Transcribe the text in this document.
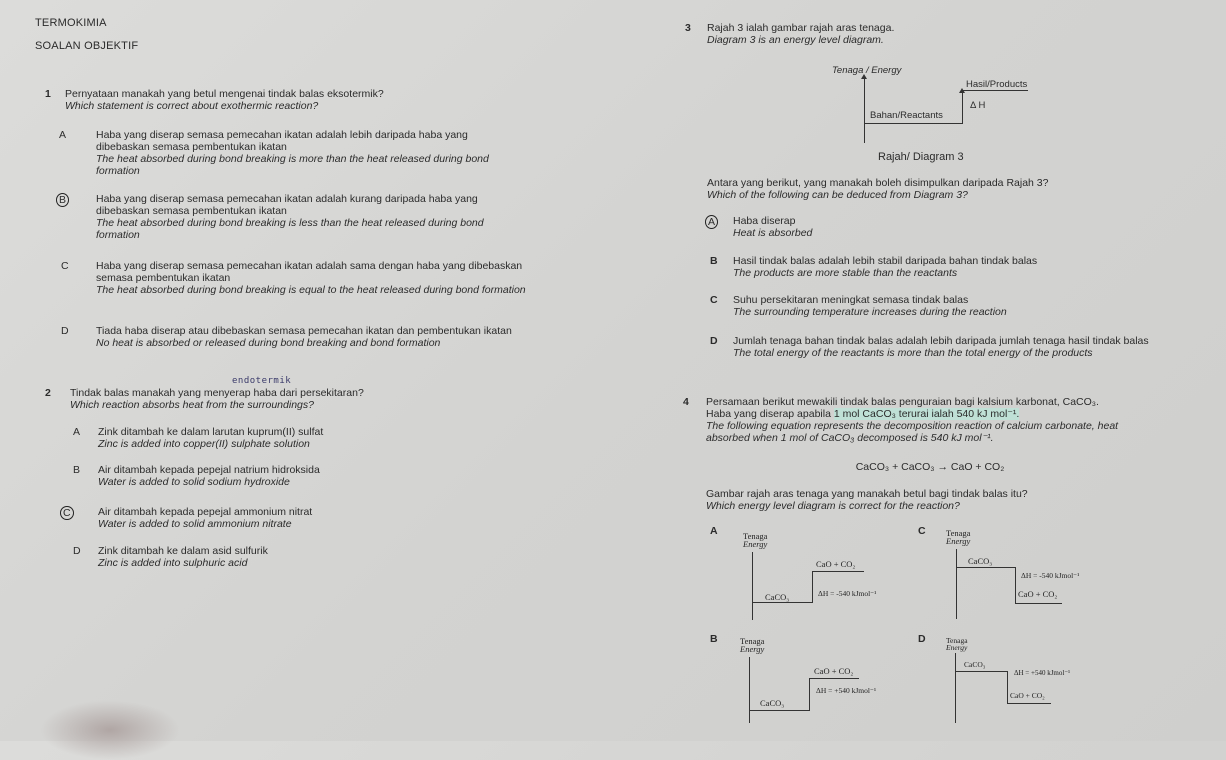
TERMOKIMIA
SOALAN OBJEKTIF
1 Pernyataan manakah yang betul mengenai tindak balas eksotermik?
Which statement is correct about exothermic reaction?
A	Haba yang diserap semasa pemecahan ikatan adalah lebih daripada haba yang dibebaskan semasa pembentukan ikatan
The heat absorbed during bond breaking is more than the heat released during bond formation
B	Haba yang diserap semasa pemecahan ikatan adalah kurang daripada haba yang dibebaskan semasa pembentukan ikatan
The heat absorbed during bond breaking is less than the heat released during bond formation
C	Haba yang diserap semasa pemecahan ikatan adalah sama dengan haba yang dibebaskan semasa pembentukan ikatan
The heat absorbed during bond breaking is equal to the heat released during bond formation
D	Tiada haba diserap atau dibebaskan semasa pemecahan ikatan dan pembentukan ikatan
No heat is absorbed or released during bond breaking and bond formation
endotermik
2 Tindak balas manakah yang menyerap haba dari persekitaran?
Which reaction absorbs heat from the surroundings?
A Zink ditambah ke dalam larutan kuprum(II) sulfat
Zinc is added into copper(II) sulphate solution
B Air ditambah kepada pepejal natrium hidroksida
Water is added to solid sodium hydroxide
C	Air ditambah kepada pepejal ammonium nitrat
Water is added to solid ammonium nitrate
D Zink ditambah ke dalam asid sulfurik
Zinc is added into sulphuric acid
3 Rajah 3 ialah gambar rajah aras tenaga.
Diagram 3 is an energy level diagram.
Tenaga / Energy
Bahan/Reactants
Δ H
Hasil/Products
Rajah/ Diagram 3
Antara yang berikut, yang manakah boleh disimpulkan daripada Rajah 3?
Which of the following can be deduced from Diagram 3?
A Haba diserap
Heat is absorbed
B Hasil tindak balas adalah lebih stabil daripada bahan tindak balas
The products are more stable than the reactants
C Suhu persekitaran meningkat semasa tindak balas
The surrounding temperature increases during the reaction
D Jumlah tenaga bahan tindak balas adalah lebih daripada jumlah tenaga hasil tindak balas
The total energy of the reactants is more than the total energy of the products
4 Persamaan berikut mewakili tindak balas penguraian bagi kalsium karbonat, CaCO₃.
Haba yang diserap apabila 1 mol CaCO₃ terurai ialah 540 kJ mol⁻¹.
The following equation represents the decomposition reaction of calcium carbonate, heat absorbed when 1 mol of CaCO₃ decomposed is 540 kJ mol⁻¹.
CaCO₃ + CaCO₃ → CaO + CO₂
Gambar rajah aras tenaga yang manakah betul bagi tindak balas itu?
Which energy level diagram is correct for the reaction?
A	Tenaga
Energy
CaCO₃
CaO + CO₂
ΔH = -540 kJmol⁻¹
B	Tenaga
Energy
CaCO₃
CaO + CO₂
ΔH = +540 kJmol⁻¹
C Tenaga
Energy
CaCO₃
CaO + CO₂
ΔH = -540 kJmol⁻¹
D	Tenaga
Energy
CaCO₃
CaO + CO₂
ΔH = +540 kJmol⁻¹
